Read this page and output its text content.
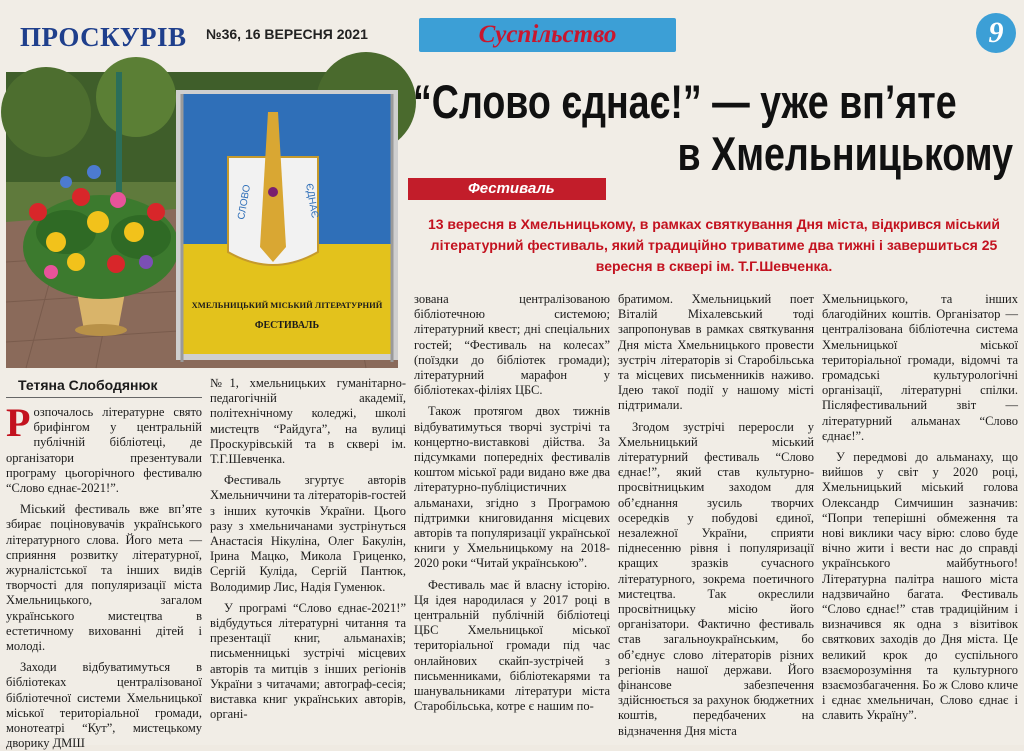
ПРОСКУРІВ №36, 16 ВЕРЕСНЯ 2021	Суспільство	9
СЛОВО	ЄДНАЄ
ХМЕЛЬНИЦЬКИЙ МІСЬКИЙ ЛІТЕРАТУРНИЙ
ФЕСТИВАЛЬ
“Слово єднає!” — уже вп’яте
в Хмельницькому
Фестиваль
13 вересня в Хмельницькому, в рамках святкування Дня міста, відкрився міський літературний фестиваль, який традиційно триватиме два тижні і завершиться 25 вересня в сквері ім. Т.Г.Шевченка.
Тетяна Слободянюк

Розпочалось літературне свято брифінгом у центральній публічній бібліотеці, де організатори презентували програму цьогорічного фестивалю “Слово єднає-2021!”.

Міський фестиваль вже вп’яте збирає поціновувачів українського літературного слова. Його мета — сприяння розвитку літературної, журналістської та інших видів творчості для популяризації міста Хмельницького, загалом українського мистецтва в естетичному вихованні дітей і молоді.

Заходи відбуватимуться в бібліотеках централізованої бібліотечної системи Хмельницької міської територіальної громади, монотеатрі “Кут”, мистецькому дворику ДМШ

№1, хмельницьких гуманітарно-педагогічній академії, політехнічному коледжі, школі мистецтв “Райдуга”, на вулиці Проскурівській та в сквері ім. Т.Г.Шевченка.

Фестиваль згуртує авторів Хмельниччини та літераторів-гостей з інших куточків України. Цього разу з хмельничанами зустрінуться Анастасія Нікуліна, Олег Бакулін, Ірина Мацко, Микола Гриценко, Сергій Куліда, Сергій Пантюк, Володимир Лис, Надія Гуменюк.

У програмі “Слово єднає-2021!” відбудуться літературні читання та презентації книг, альманахів; письменницькі зустрічі місцевих авторів та митців з інших регіонів України з читачами; автограф-сесія; виставка книг українських авторів, органі-

зована централізованою бібліотечною системою; літературний квест; дні спеціальних гостей; “Фестиваль на колесах” (поїздки до бібліотек громади); літературний марафон у бібліотеках-філіях ЦБС.

Також протягом двох тижнів відбуватимуться творчі зустрічі та концертно-виставкові дійства. За підсумками попередніх фестивалів коштом міської ради видано вже два літературно-публіцистичних альманахи, згідно з Програмою підтримки книговидання місцевих авторів та популяризації української книги у Хмельницькому на 2018-2020 роки “Читай українською”.

Фестиваль має й власну історію. Ця ідея народилася у 2017 році в центральній публічній бібліотеці ЦБС Хмельницької міської територіальної громади під час онлайнових скайп-зустрічей з письменниками, бібліотекарями та шанувальниками літератури міста Старобільська, котре є нашим по-

братимом. Хмельницький поет Віталій Міхалевський тоді запропонував в рамках святкування Дня міста Хмельницького провести зустріч літераторів зі Старобільська та місцевих письменників наживо. Ідею такої події у нашому місті підтримали.

Згодом зустрічі переросли у Хмельницький міський літературний фестиваль “Слово єднає!”, який став культурно-просвітницьким заходом для об’єднання зусиль творчих осередків у побудові єдиної, незалежної України, сприяти піднесенню рівня і популяризації кращих зразків сучасного літературного, зокрема поетичного мистецтва. Так окреслили просвітницьку місію його організатори. Фактично фестиваль став загальноукраїнським, бо об’єднує слово літераторів різних регіонів нашої держави. Його фінансове забезпечення здійснюється за рахунок бюджетних коштів, передбачених на відзначення Дня міста

Хмельницького, та інших благодійних коштів. Організатор — централізована бібліотечна система Хмельницької міської територіальної громади, відомчі та громадські культурологічні організації, літературні спілки. Післяфестивальний звіт — літературний альманах “Слово єднає!”.

У передмові до альманаху, що вийшов у світ у 2020 році, Хмельницький міський голова Олександр Симчишин зазначив: “Попри теперішні обмеження та нові виклики часу вірю: слово буде вічно жити і вести нас до справді українського майбутнього! Літературна палітра нашого міста надзвичайно багата. Фестиваль “Слово єднає!” став традиційним і визначився як одна з візитівок святкових заходів до Дня міста. Це великий крок до суспільного взаєморозуміння та культурного взаємозбагачення. Бо ж Слово кличе і єднає хмельничан, Слово єднає і славить Україну”.
